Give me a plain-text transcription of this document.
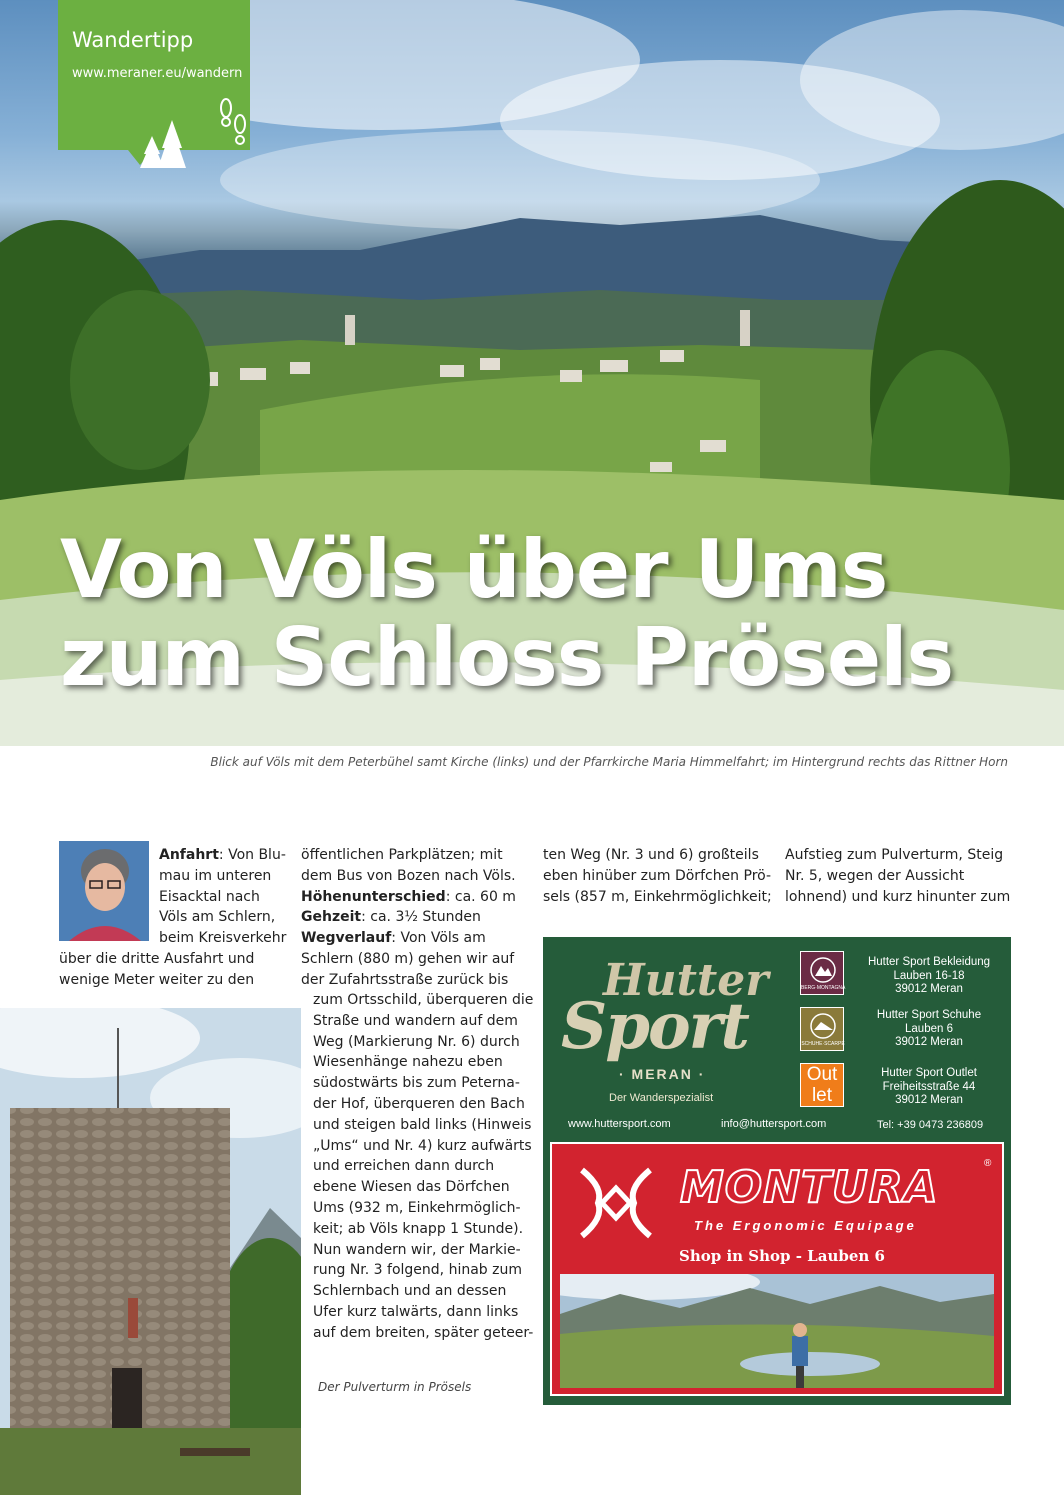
Von Völs über Ums
zum Schloss Prösels
Wandertipp
www.meraner.eu/wandern
Blick auf Völs mit dem Peterbühel samt Kirche (links) und der Pfarrkirche Maria Himmelfahrt; im Hintergrund rechts das Rittner Horn
Anfahrt: Von Blu-
mau im unteren
Eisacktal nach
Völs am Schlern,
beim Kreisverkehr
über die dritte Ausfahrt und
wenige Meter weiter zu den
öffentlichen Parkplätzen; mit
dem Bus von Bozen nach Völs.
Höhenunterschied: ca. 60 m
Gehzeit: ca. 3½ Stunden
Wegverlauf: Von Völs am
Schlern (880 m) gehen wir auf
der Zufahrtsstraße zurück bis
zum Ortsschild, überqueren die
Straße und wandern auf dem
Weg (Markierung Nr. 6) durch
Wiesenhänge nahezu eben
südostwärts bis zum Peterna-
der Hof, überqueren den Bach
und steigen bald links (Hinweis
„Ums“ und Nr. 4) kurz aufwärts
und erreichen dann durch
ebene Wiesen das Dörfchen
Ums (932 m, Einkehrmöglich-
keit; ab Völs knapp 1 Stunde).
Nun wandern wir, der Markie-
rung Nr. 3 folgend, hinab zum
Schlernbach und an dessen
Ufer kurz talwärts, dann links
auf dem breiten, später geteer-
ten Weg (Nr. 3 und 6) großteils
eben hinüber zum Dörfchen Prö-
sels (857 m, Einkehrmöglichkeit;
Aufstieg zum Pulverturm, Steig
Nr. 5, wegen der Aussicht
lohnend) und kurz hinunter zum
Der Pulverturm in Prösels
Hutter
Sport
· MERAN ·
Der Wanderspezialist
BERG·MONTAGNA
SCHUHE·SCARPE
Out
let
Hutter Sport Bekleidung
Lauben 16-18
39012 Meran
Hutter Sport Schuhe
Lauben 6
39012 Meran
Hutter Sport Outlet
Freiheitsstraße 44
39012 Meran
www.huttersport.com	info@huttersport.com	Tel: +39 0473 236809
MONTURA	®
The Ergonomic Equipage
Shop in Shop - Lauben 6
